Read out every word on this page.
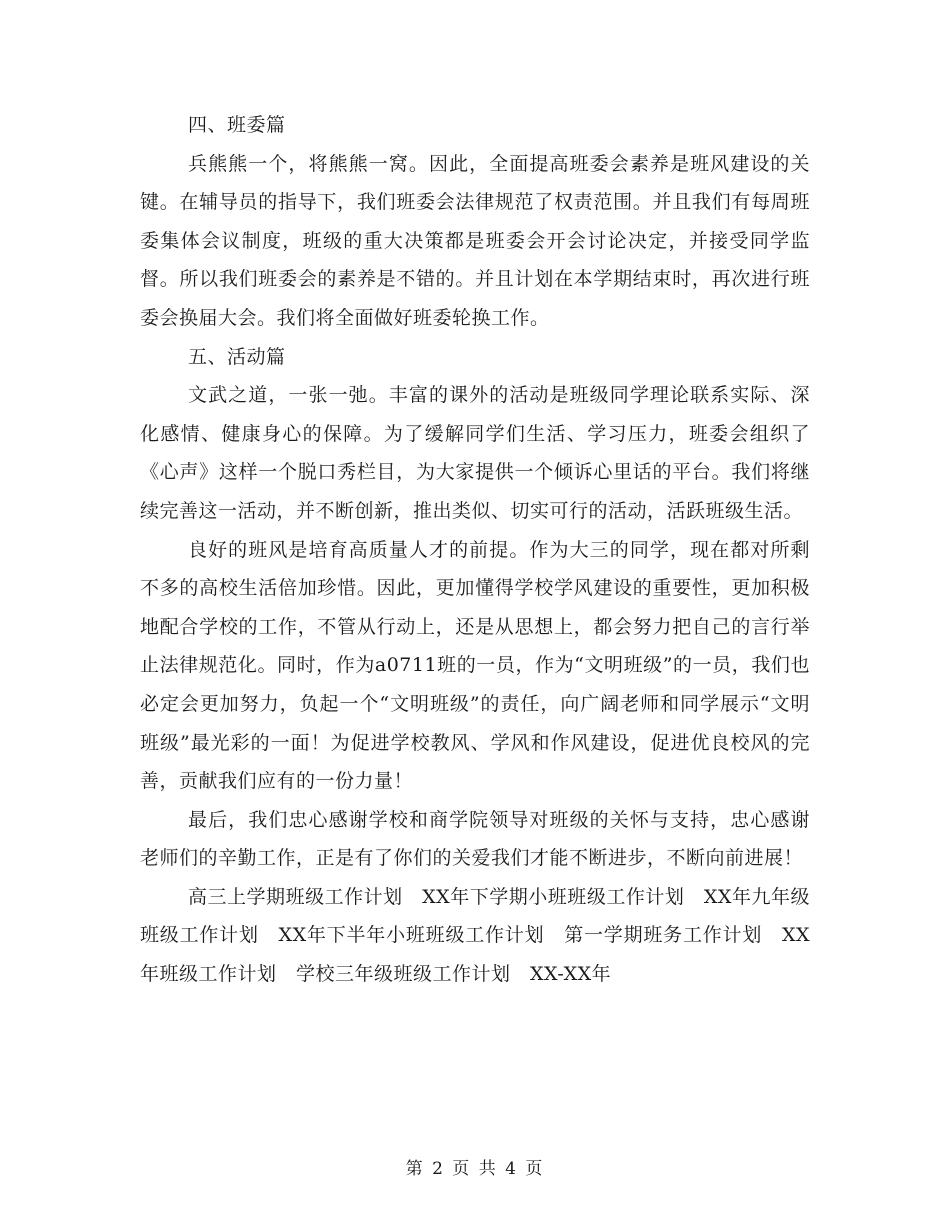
四、班委篇

兵熊熊一个，将熊熊一窝。因此，全面提高班委会素养是班风建设的关键。在辅导员的指导下，我们班委会法律规范了权责范围。并且我们有每周班委集体会议制度，班级的重大决策都是班委会开会讨论决定，并接受同学监督。所以我们班委会的素养是不错的。并且计划在本学期结束时，再次进行班委会换届大会。我们将全面做好班委轮换工作。

五、活动篇

文武之道，一张一弛。丰富的课外的活动是班级同学理论联系实际、深化感情、健康身心的保障。为了缓解同学们生活、学习压力，班委会组织了《心声》这样一个脱口秀栏目，为大家提供一个倾诉心里话的平台。我们将继续完善这一活动，并不断创新，推出类似、切实可行的活动，活跃班级生活。

良好的班风是培育高质量人才的前提。作为大三的同学，现在都对所剩不多的高校生活倍加珍惜。因此，更加懂得学校学风建设的重要性，更加积极地配合学校的工作，不管从行动上，还是从思想上，都会努力把自己的言行举止法律规范化。同时，作为a0711班的一员，作为“文明班级”的一员，我们也必定会更加努力，负起一个“文明班级”的责任，向广阔老师和同学展示“文明班级”最光彩的一面！为促进学校教风、学风和作风建设，促进优良校风的完善，贡献我们应有的一份力量！

最后，我们忠心感谢学校和商学院领导对班级的关怀与支持，忠心感谢老师们的辛勤工作，正是有了你们的关爱我们才能不断进步，不断向前进展！

高三上学期班级工作计划　XX年下学期小班班级工作计划　XX年九年级班级工作计划　XX年下半年小班班级工作计划　第一学期班务工作计划　XX年班级工作计划　学校三年级班级工作计划　XX-XX年

第 2 页 共 4 页
